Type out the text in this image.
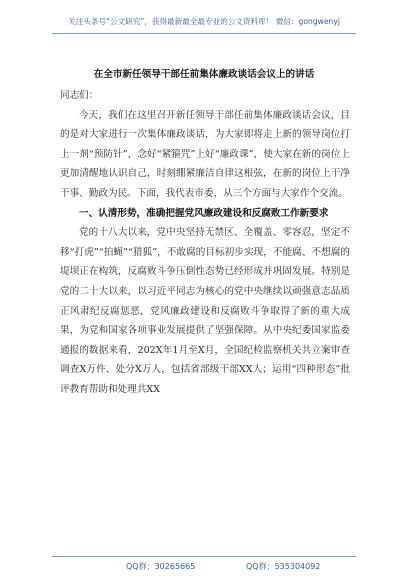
关注头条号“公文研究”，获得最新最全最专业的公文资料库！ 微信：gongwenyj
在全市新任领导干部任前集体廉政谈话会议上的讲话

同志们：

今天，我们在这里召开新任领导干部任前集体廉政谈话会议，目的是对大家进行一次集体廉政谈话，为大家即将走上新的领导岗位打上一剂“预防针”，念好“紧箍咒”上好“廉政课”，使大家在新的岗位上更加清醒地认识自己，时刻绷紧廉洁自律这根弦，在新的岗位上干净干事、勤政为民。下面，我代表市委，从三个方面与大家作个交流。

一、认清形势，准确把握党风廉政建设和反腐败工作新要求

党的十八大以来，党中央坚持无禁区、全覆盖、零容忍，坚定不移“打虎”“拍蝇”“猎狐”，不敢腐的目标初步实现，不能腐、不想腐的堤坝正在构筑，反腐败斗争压倒性态势已经形成并巩固发展。特别是党的二十大以来，以习近平同志为核心的党中央继续以顽强意志品质正风肃纪反腐惩恶，党风廉政建设和反腐败斗争取得了新的重大成果，为党和国家各项事业发展提供了坚强保障。从中央纪委国家监委通报的数据来看，202X年1月至X月，全国纪检监察机关共立案审查调查X万件、处分X万人，包括省部级干部XX人；运用“四种形态”批评教育帮助和处理共XX

QQ群：30265665	QQ群：535304092
